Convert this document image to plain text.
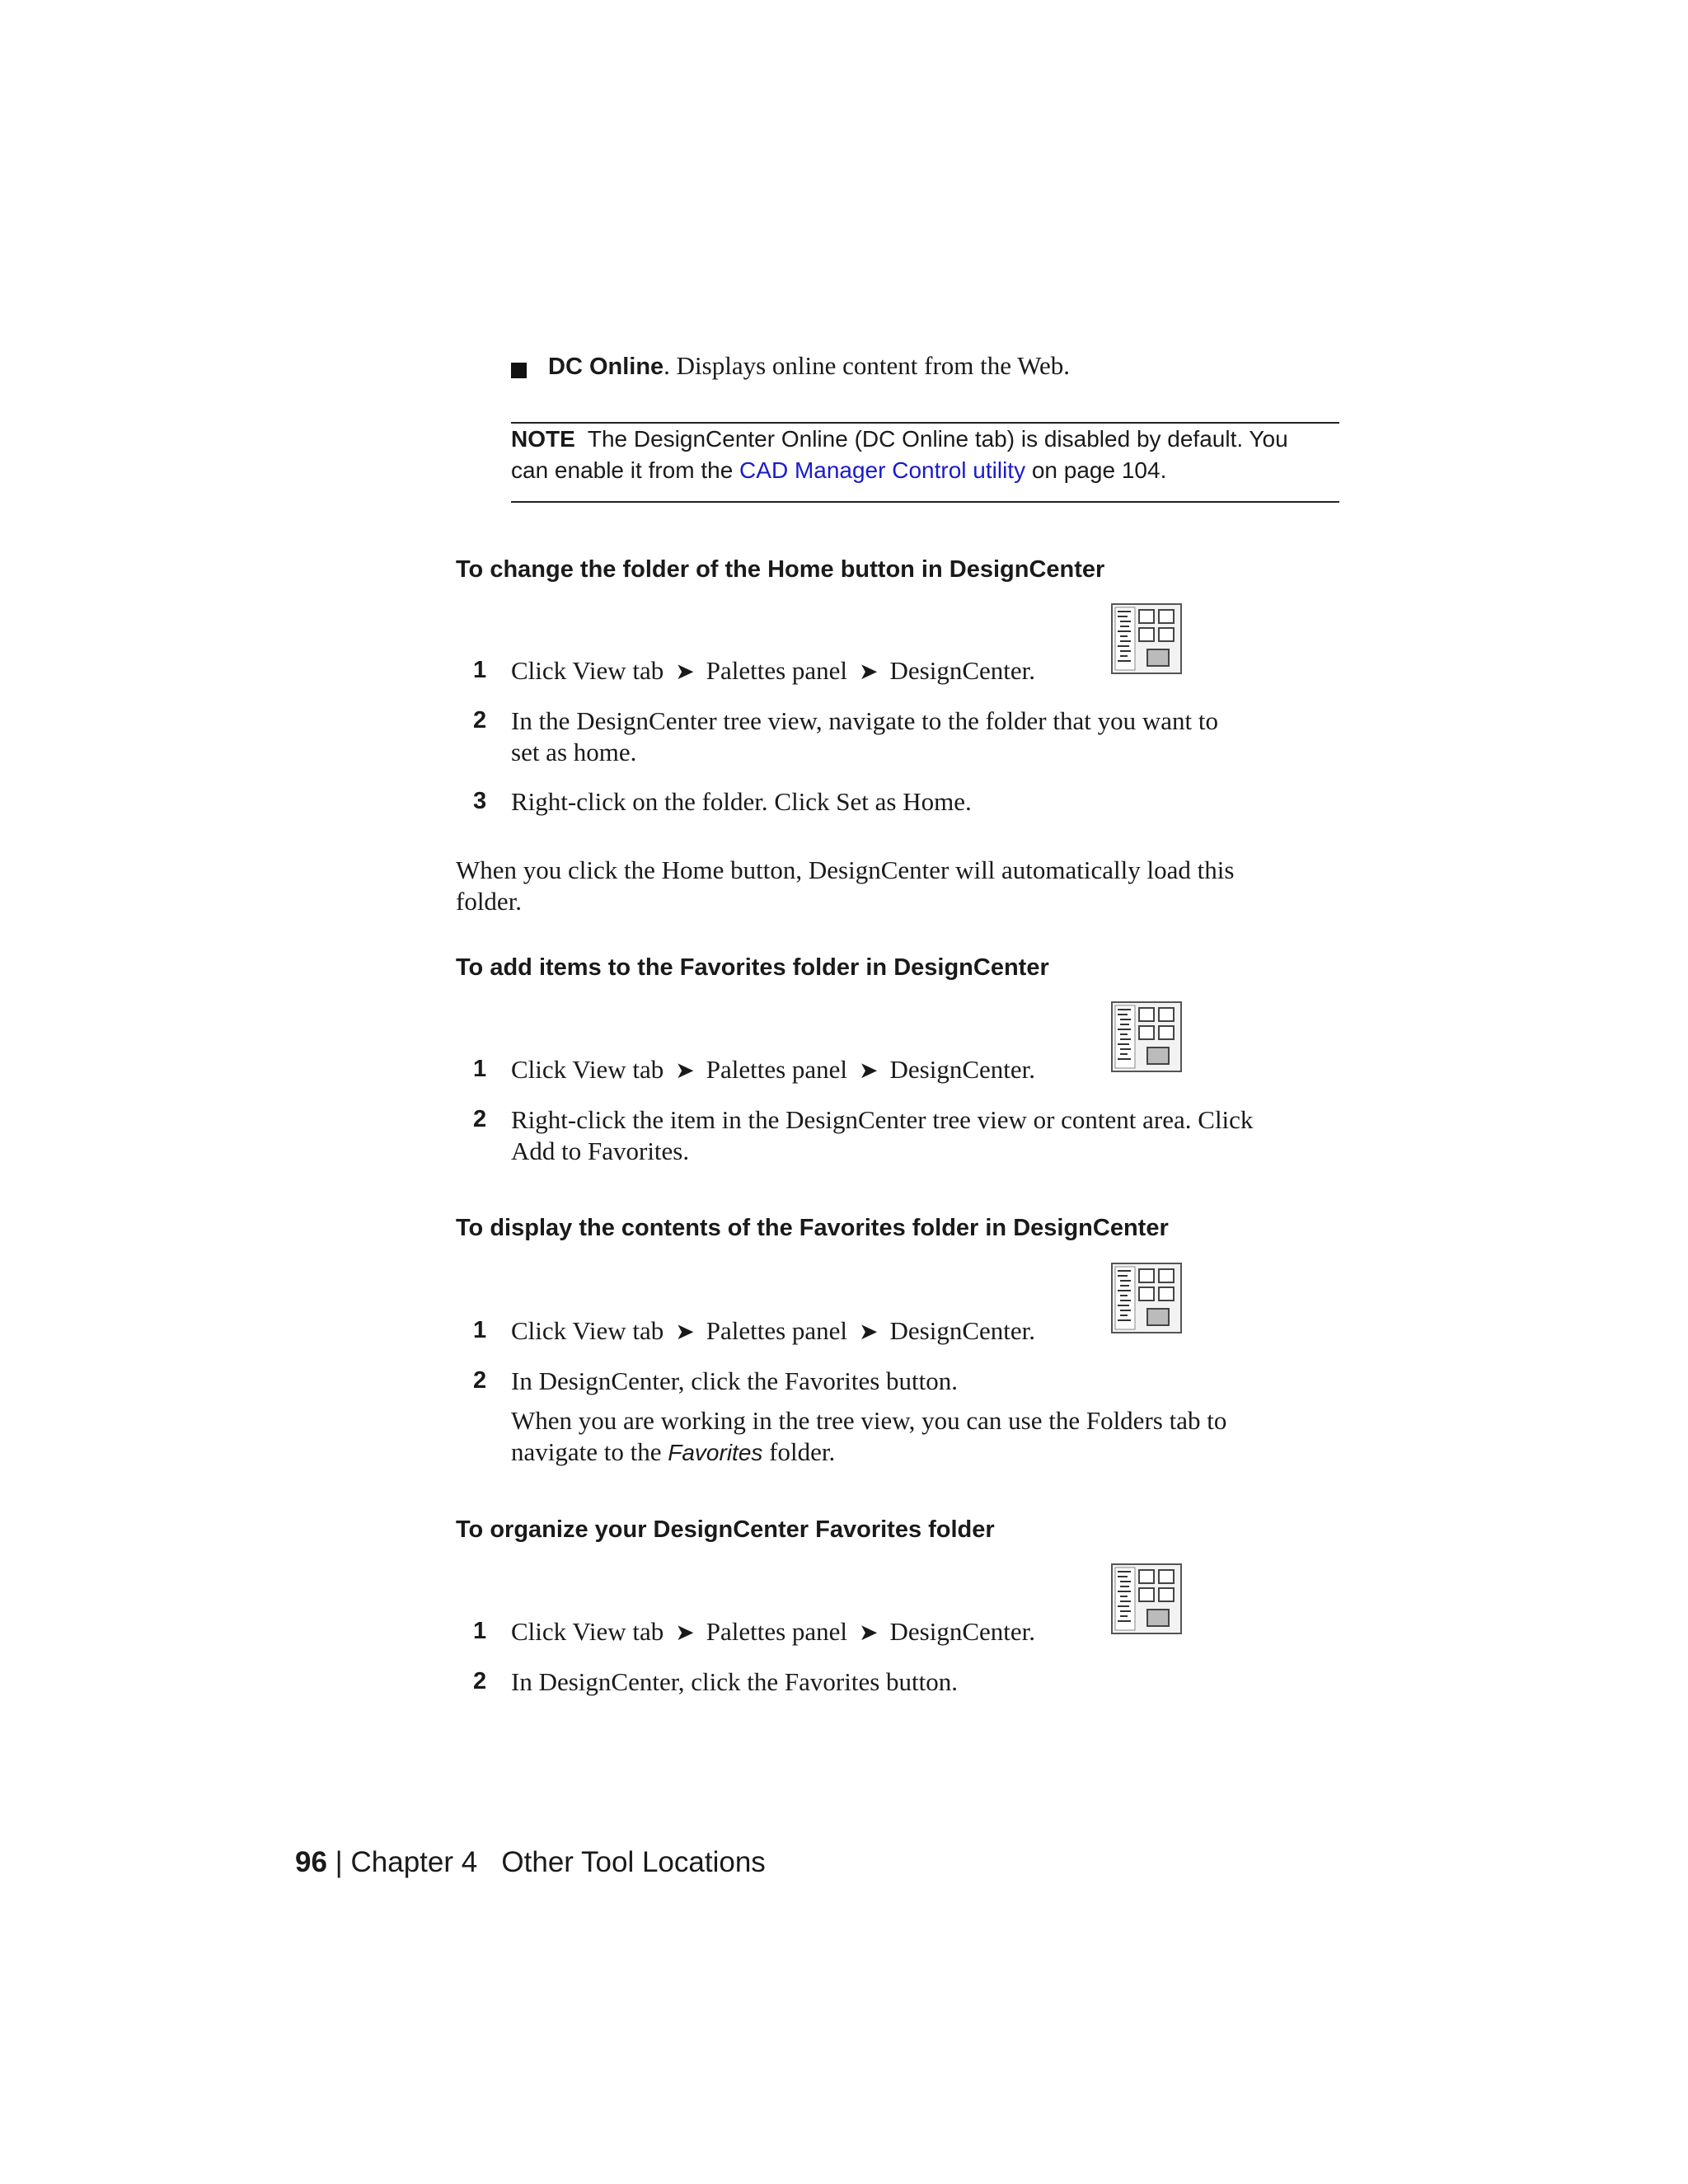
DC Online. Displays online content from the Web.
NOTE The DesignCenter Online (DC Online tab) is disabled by default. You
can enable it from the CAD Manager Control utility on page 104.
To change the folder of the Home button in DesignCenter
1 Click View tab ➤ Palettes panel ➤ DesignCenter.
2 In the DesignCenter tree view, navigate to the folder that you want to
set as home.
3 Right-click on the folder. Click Set as Home.
When you click the Home button, DesignCenter will automatically load this
folder.
To add items to the Favorites folder in DesignCenter
1 Click View tab ➤ Palettes panel ➤ DesignCenter.
2 Right-click the item in the DesignCenter tree view or content area. Click
Add to Favorites.
To display the contents of the Favorites folder in DesignCenter
1 Click View tab ➤ Palettes panel ➤ DesignCenter.
2 In DesignCenter, click the Favorites button.
When you are working in the tree view, you can use the Folders tab to
navigate to the Favorites folder.
To organize your DesignCenter Favorites folder
1 Click View tab ➤ Palettes panel ➤ DesignCenter.
2 In DesignCenter, click the Favorites button.
96 | Chapter 4 Other Tool Locations
